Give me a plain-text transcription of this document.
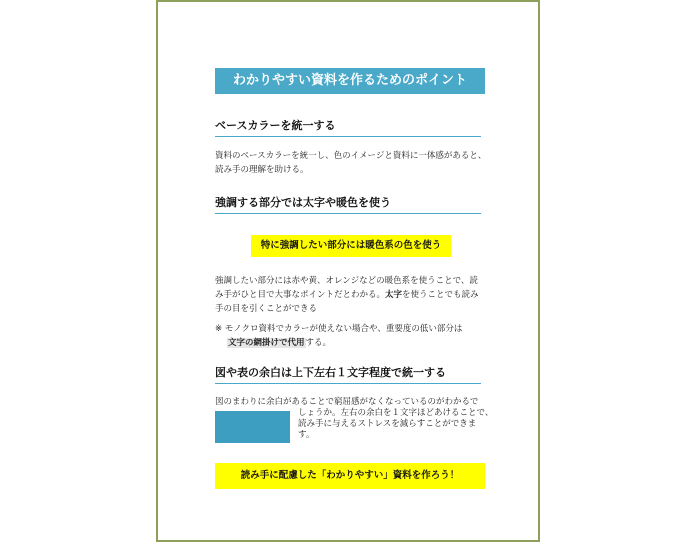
わかりやすい資料を作るためのポイント
ベースカラーを統一する
資料のベースカラーを統一し、色のイメージと資料に一体感があると、
読み手の理解を助ける。
強調する部分では太字や暖色を使う
特に強調したい部分には暖色系の色を使う
強調したい部分には赤や黄、オレンジなどの暖色系を使うことで、読
み手がひと目で大事なポイントだとわかる。太字を使うことでも読み
手の目を引くことができる
※ モノクロ資料でカラーが使えない場合や、重要度の低い部分は
文字の網掛けで代用する。
図や表の余白は上下左右１文字程度で統一する
図のまわりに余白があることで窮屈感がなくなっているのがわかるで
しょうか。左右の余白を１文字ほどあけることで、
読み手に与えるストレスを減らすことができま
す。
読み手に配慮した「わかりやすい」資料を作ろう！
